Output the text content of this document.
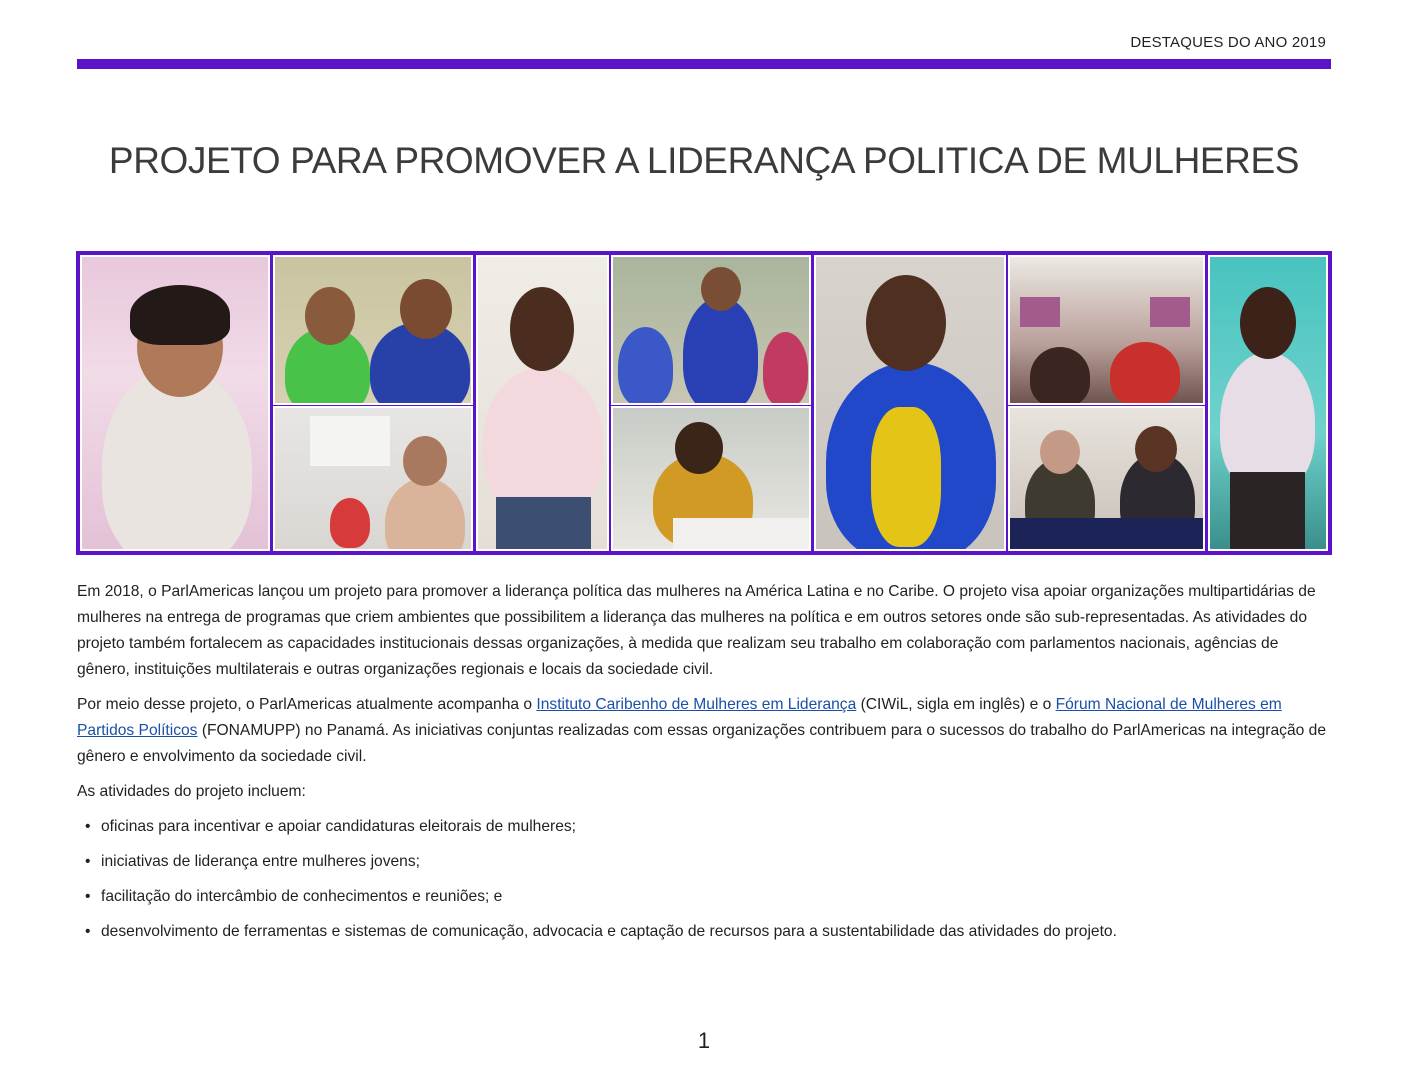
DESTAQUES DO ANO 2019
PROJETO PARA PROMOVER A LIDERANÇA POLITICA DE MULHERES

Em 2018, o ParlAmericas lançou um projeto para promover a liderança política das mulheres na América Latina e no Caribe. O projeto visa apoiar organizações multipartidárias de mulheres na entrega de programas que criem ambientes que possibilitem a liderança das mulheres na política e em outros setores onde são sub-representadas. As atividades do projeto também fortalecem as capacidades institucionais dessas organizações, à medida que realizam seu trabalho em colaboração com parlamentos nacionais, agências de gênero, instituições multilaterais e outras organizações regionais e locais da sociedade civil.

Por meio desse projeto, o ParlAmericas atualmente acompanha o Instituto Caribenho de Mulheres em Liderança (CIWiL, sigla em inglês) e o Fórum Nacional de Mulheres em Partidos Políticos (FONAMUPP) no Panamá. As iniciativas conjuntas realizadas com essas organizações contribuem para o sucessos do trabalho do ParlAmericas na integração de gênero e envolvimento da sociedade civil.

As atividades do projeto incluem:

• oficinas para incentivar e apoiar candidaturas eleitorais de mulheres;
• iniciativas de liderança entre mulheres jovens;
• facilitação do intercâmbio de conhecimentos e reuniões; e
• desenvolvimento de ferramentas e sistemas de comunicação, advocacia e captação de recursos para a sustentabilidade das atividades do projeto.
1
